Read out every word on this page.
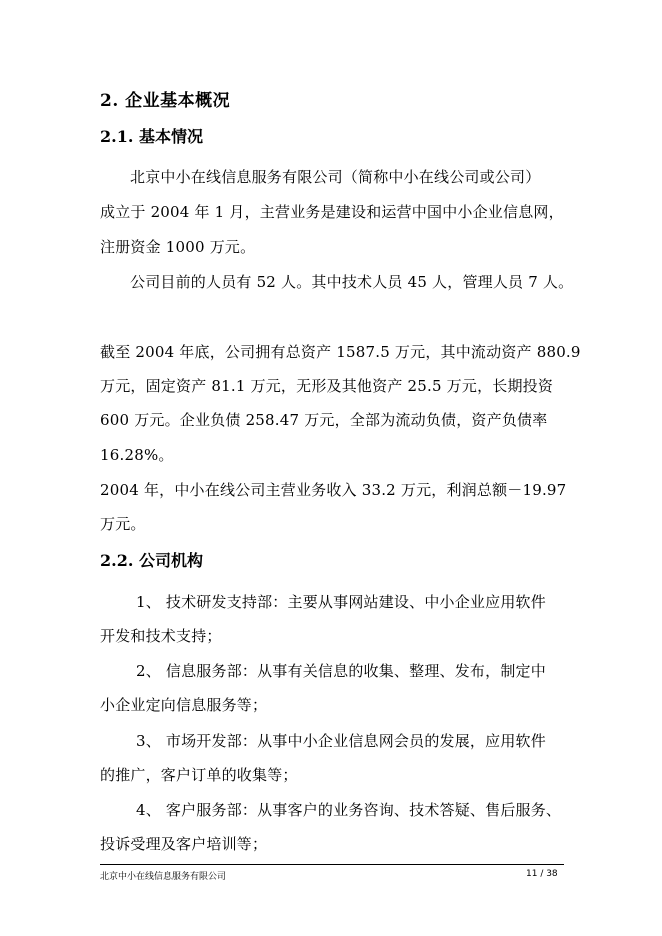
2. 企业基本概况
2.1. 基本情况
北京中小在线信息服务有限公司（简称中小在线公司或公司）
成立于 2004 年 1 月，主营业务是建设和运营中国中小企业信息网，
注册资金 1000 万元。
公司目前的人员有 52 人。其中技术人员 45 人，管理人员 7 人。
截至 2004 年底，公司拥有总资产 1587.5 万元，其中流动资产 880.9
万元，固定资产 81.1 万元，无形及其他资产 25.5 万元，长期投资
600 万元。企业负债 258.47 万元，全部为流动负债，资产负债率
16.28%。
2004 年，中小在线公司主营业务收入 33.2 万元，利润总额－19.97
万元。
2.2. 公司机构
1、 技术研发支持部：主要从事网站建设、中小企业应用软件
开发和技术支持；
2、 信息服务部：从事有关信息的收集、整理、发布，制定中
小企业定向信息服务等；
3、 市场开发部：从事中小企业信息网会员的发展，应用软件
的推广，客户订单的收集等；
4、 客户服务部：从事客户的业务咨询、技术答疑、售后服务、
投诉受理及客户培训等；
北京中小在线信息服务有限公司	11 / 38
